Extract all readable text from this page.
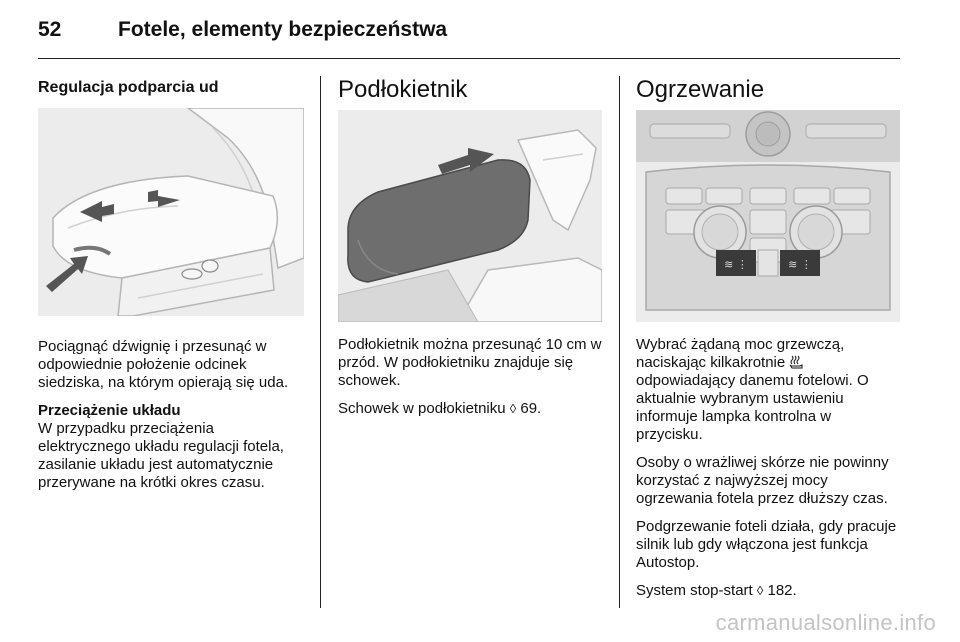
52	Fotele, elementy bezpieczeństwa
Regulacja podparcia ud

Pociągnąć dźwignię i przesunąć w odpowiednie położenie odcinek siedziska, na którym opierają się uda.

Przeciążenie układu

W przypadku przeciążenia elektrycznego układu regulacji fotela, zasilanie układu jest automatycznie przerywane na krótki okres czasu.

Podłokietnik

Podłokietnik można przesunąć 10 cm w przód. W podłokietniku znajduje się schowek.

Schowek w podłokietniku ◊ 69.

Ogrzewanie
≋ ⋮	≋ ⋮

Wybrać żądaną moc grzewczą, naciskając kilkakrotnie
odpowiadający danemu fotelowi. O aktualnie wybranym ustawieniu informuje lampka kontrolna w przycisku.

Osoby o wrażliwej skórze nie powinny korzystać z najwyższej mocy ogrzewania fotela przez dłuższy czas.

Podgrzewanie foteli działa, gdy pracuje silnik lub gdy włączona jest funkcja Autostop.

System stop-start ◊ 182.

carmanualsonline.info
